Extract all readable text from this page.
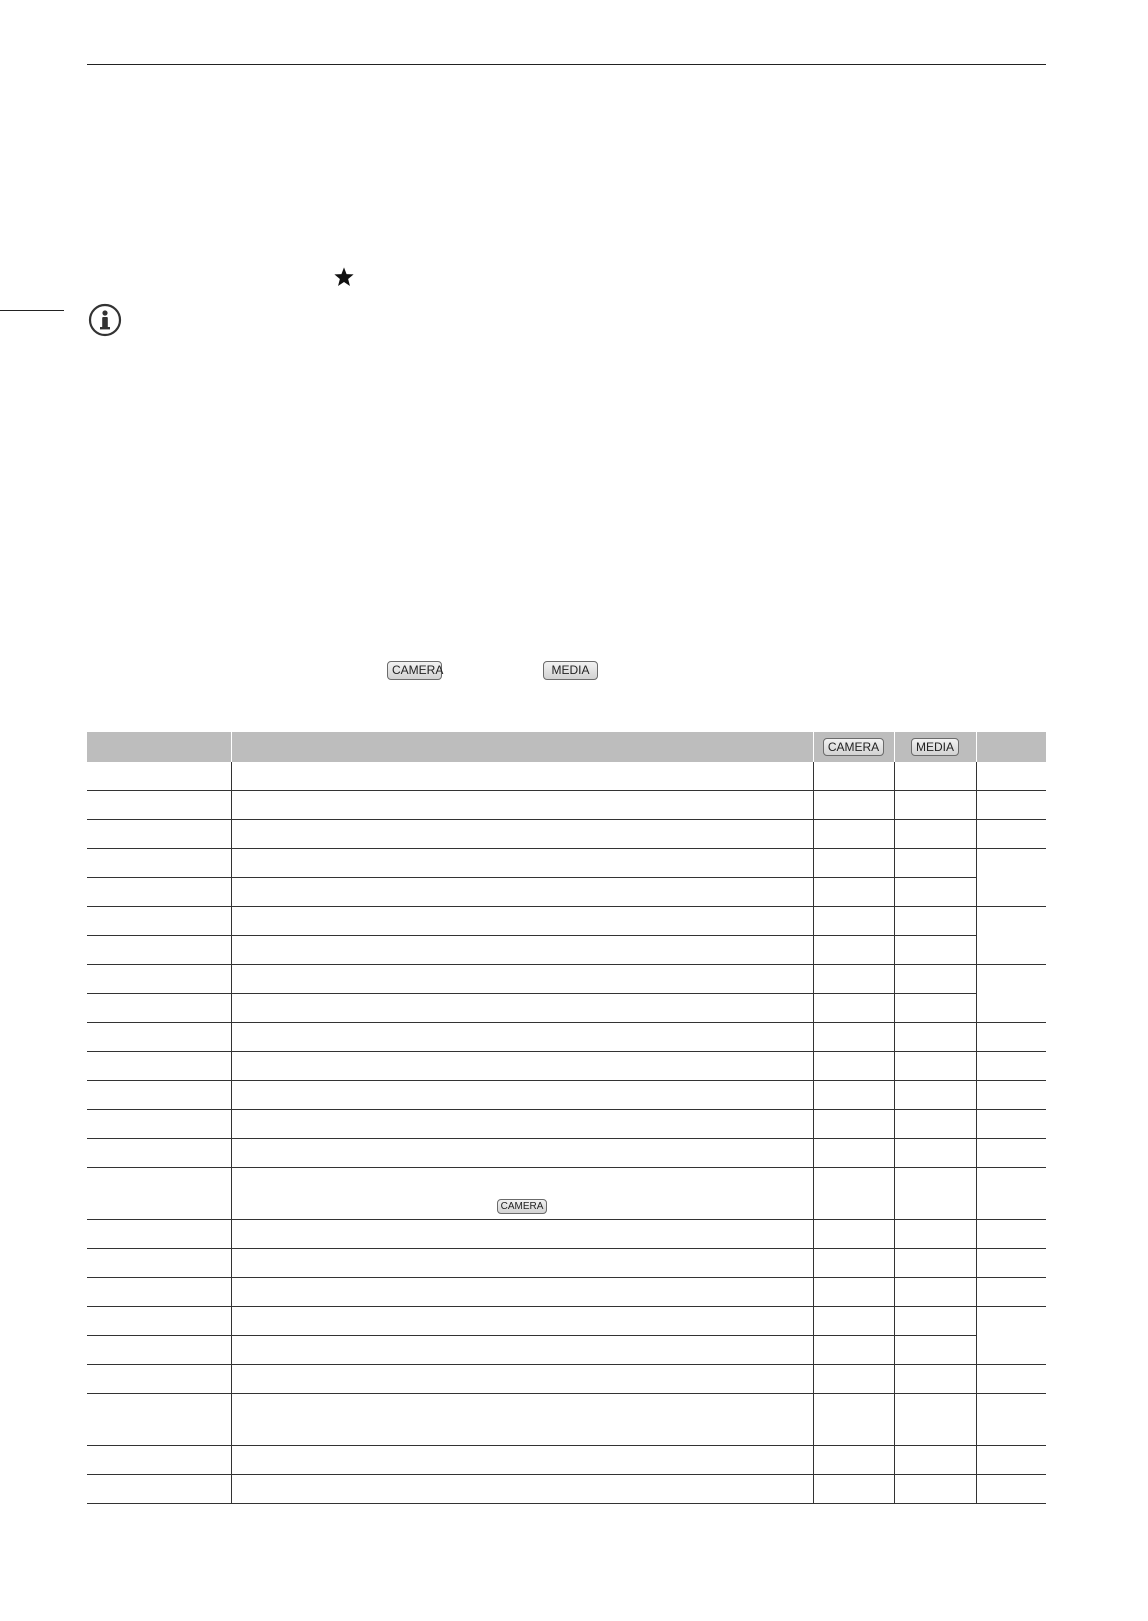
CAMERA	MEDIA
		CAMERA	MEDIA	

	CAMERA			
